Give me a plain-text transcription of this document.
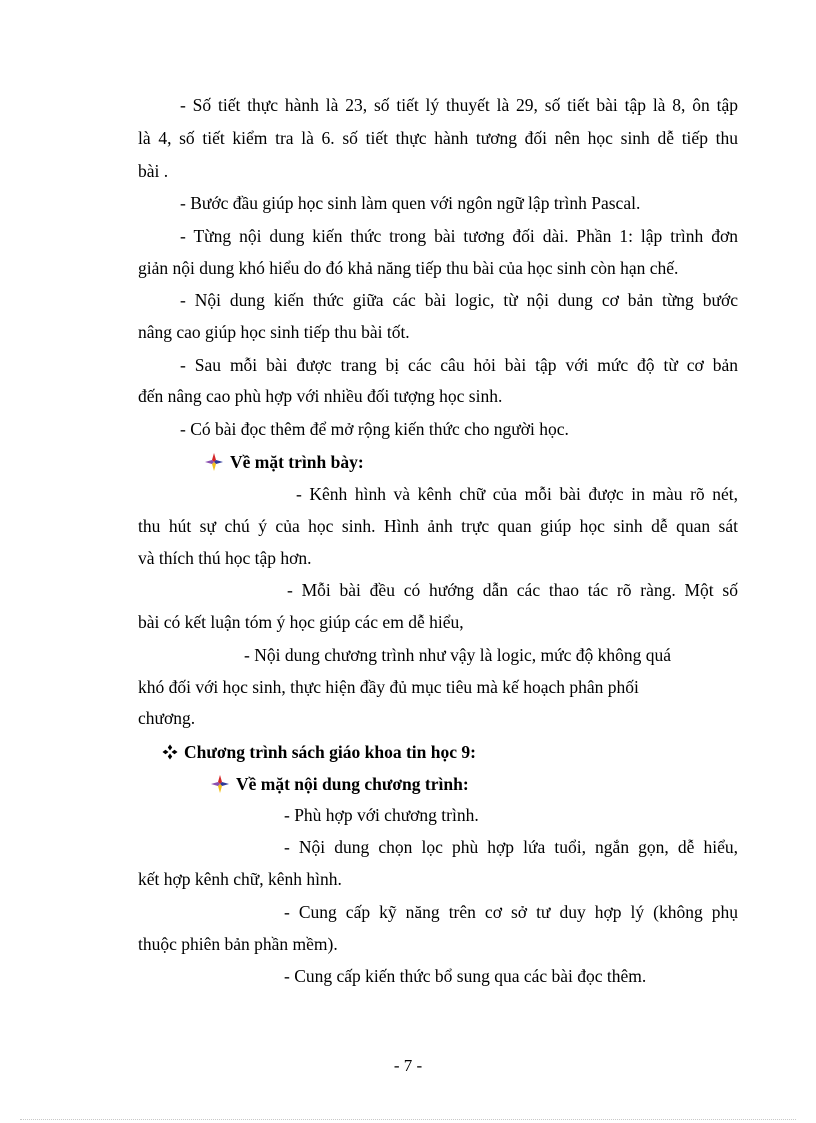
- Số tiết thực hành là 23, số tiết lý thuyết là 29, số tiết bài tập là 8, ôn tập
là 4, số tiết kiểm tra là 6. số tiết thực hành tương đối nên học sinh dễ tiếp thu
bài .
- Bước đầu giúp học sinh làm quen với ngôn ngữ lập trình Pascal.
- Từng nội dung kiến thức trong bài tương đối dài. Phần 1: lập trình đơn
giản nội dung khó hiểu do đó khả năng tiếp thu bài của học sinh còn hạn chế.
- Nội dung kiến thức giữa các bài logic, từ nội dung cơ bản từng bước
nâng cao giúp học sinh tiếp thu bài tốt.
- Sau mỗi bài được trang bị các câu hỏi bài tập với mức độ từ cơ bản
đến nâng cao phù hợp với nhiều đối tượng học sinh.
- Có bài đọc thêm để mở rộng kiến thức cho người học.
Về mặt trình bày:
- Kênh hình và kênh chữ của mỗi bài được in màu rõ nét,
thu hút sự chú ý của học sinh. Hình ảnh trực quan giúp học sinh dễ quan sát
và thích thú học tập hơn.
- Mỗi bài đều có hướng dẫn các thao tác rõ ràng. Một số
bài có kết luận tóm ý học giúp các em dễ hiểu,
- Nội dung chương trình như vậy là logic, mức độ không quá
khó đối với học sinh, thực hiện đầy đủ mục tiêu mà kế hoạch phân phối
chương.
Chương trình sách giáo khoa tin học 9:
Về mặt nội dung chương trình:
- Phù hợp với chương trình.
- Nội dung chọn lọc phù hợp lứa tuổi, ngắn gọn, dễ hiểu,
kết hợp kênh chữ, kênh hình.
- Cung cấp kỹ năng trên cơ sở tư duy hợp lý (không phụ
thuộc phiên bản phần mềm).
- Cung cấp kiến thức bổ sung qua các bài đọc thêm.
- 7 -
